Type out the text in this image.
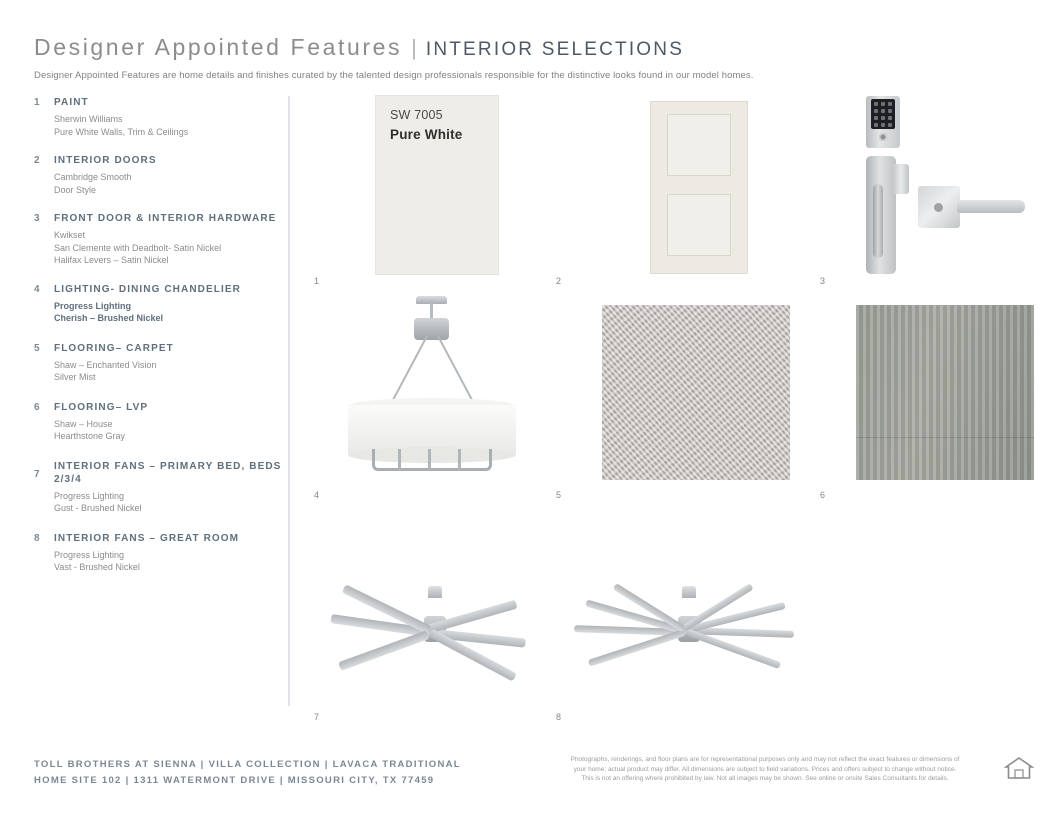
Designer Appointed Features | INTERIOR SELECTIONS
Designer Appointed Features are home details and finishes curated by the talented design professionals responsible for the distinctive looks found in our model homes.
1	PAINT
Sherwin Williams
Pure White Walls, Trim & Ceilings
2	INTERIOR DOORS
Cambridge Smooth
Door Style
3	FRONT DOOR & INTERIOR HARDWARE
Kwikset
San Clemente with Deadbolt- Satin Nickel
Halifax Levers – Satin Nickel
4	LIGHTING- DINING CHANDELIER
Progress Lighting
Cherish – Brushed Nickel
5	FLOORING– CARPET
Shaw – Enchanted Vision
Silver Mist
6	FLOORING– LVP
Shaw – House
Hearthstone Gray
7
INTERIOR FANS – PRIMARY BED, BEDS 2/3/4
Progress Lighting
Gust - Brushed Nickel
8	INTERIOR FANS – GREAT ROOM
Progress Lighting
Vast - Brushed Nickel
SW 7005
Pure White
1	2	3
4	5	6
7	8
TOLL BROTHERS AT SIENNA | VILLA COLLECTION | LAVACA TRADITIONAL
HOME SITE 102 | 1311 WATERMONT DRIVE | MISSOURI CITY, TX 77459
Photographs, renderings, and floor plans are for representational purposes only and may not reflect the exact features or dimensions of
your home; actual product may differ. All dimensions are subject to field variations. Prices and offers subject to change without notice.
This is not an offering where prohibited by law. Not all images may be shown. See online or onsite Sales Consultants for details.
